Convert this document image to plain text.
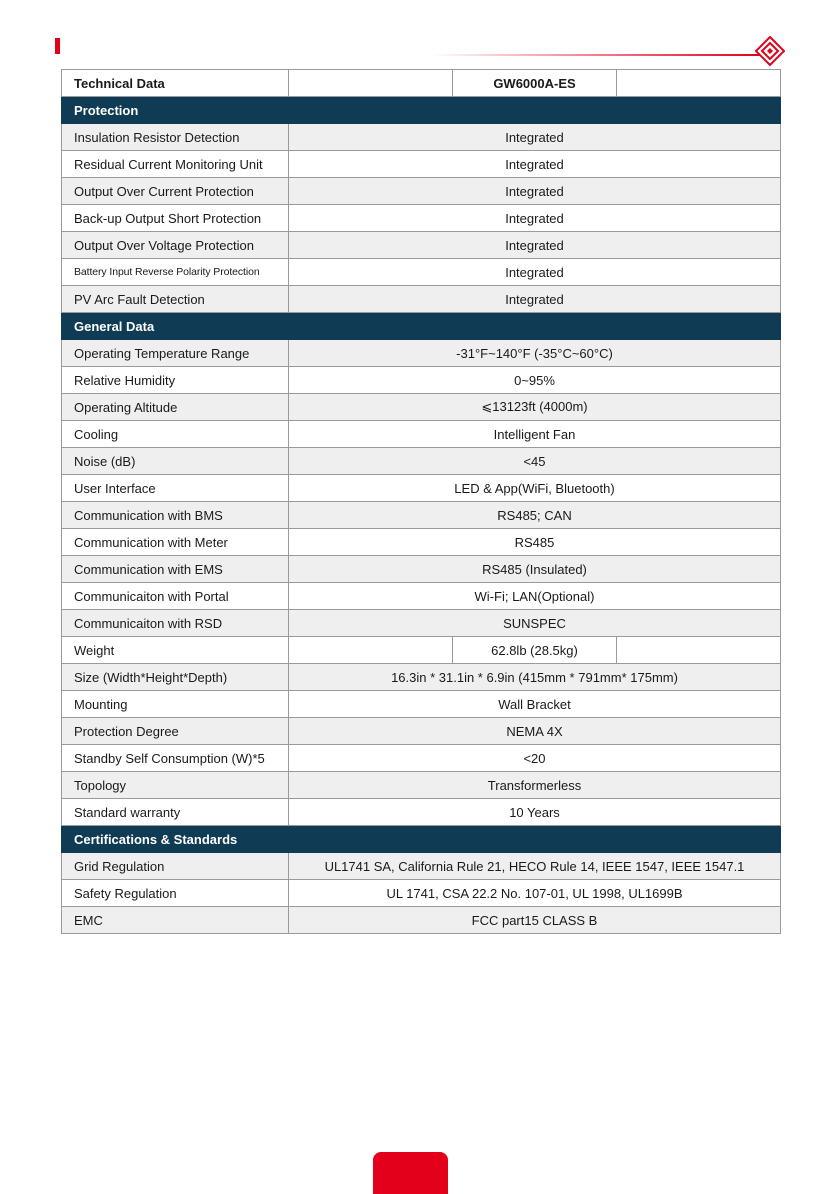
Technical Data		GW6000A-ES	
Protection			
Insulation Resistor Detection	Integrated		
Residual Current Monitoring Unit	Integrated		
Output Over Current Protection	Integrated		
Back-up Output Short Protection	Integrated		
Output Over Voltage Protection	Integrated		
Battery Input Reverse Polarity Protection	Integrated		
PV Arc Fault Detection	Integrated		
General Data			
Operating Temperature Range	-31°F~140°F (-35°C~60°C)		
Relative Humidity	0~95%		
Operating Altitude	⩽13123ft (4000m)		
Cooling	Intelligent Fan		
Noise (dB)	<45		
User Interface	LED & App(WiFi, Bluetooth)		
Communication with BMS	RS485; CAN		
Communication with Meter	RS485		
Communication with EMS	RS485 (Insulated)		
Communicaiton with Portal	Wi-Fi; LAN(Optional)		
Communicaiton with RSD	SUNSPEC		
Weight		62.8lb (28.5kg)	
Size (Width*Height*Depth)	16.3in * 31.1in * 6.9in (415mm * 791mm* 175mm)		
Mounting	Wall Bracket		
Protection Degree	NEMA 4X		
Standby Self Consumption (W)*5	<20		
Topology	Transformerless		
Standard warranty	10 Years		
Certifications & Standards			
Grid Regulation	UL1741 SA, California Rule 21, HECO Rule 14, IEEE 1547, IEEE 1547.1		
Safety Regulation	UL 1741, CSA 22.2 No. 107-01, UL 1998, UL1699B		
EMC	FCC part15 CLASS B		
